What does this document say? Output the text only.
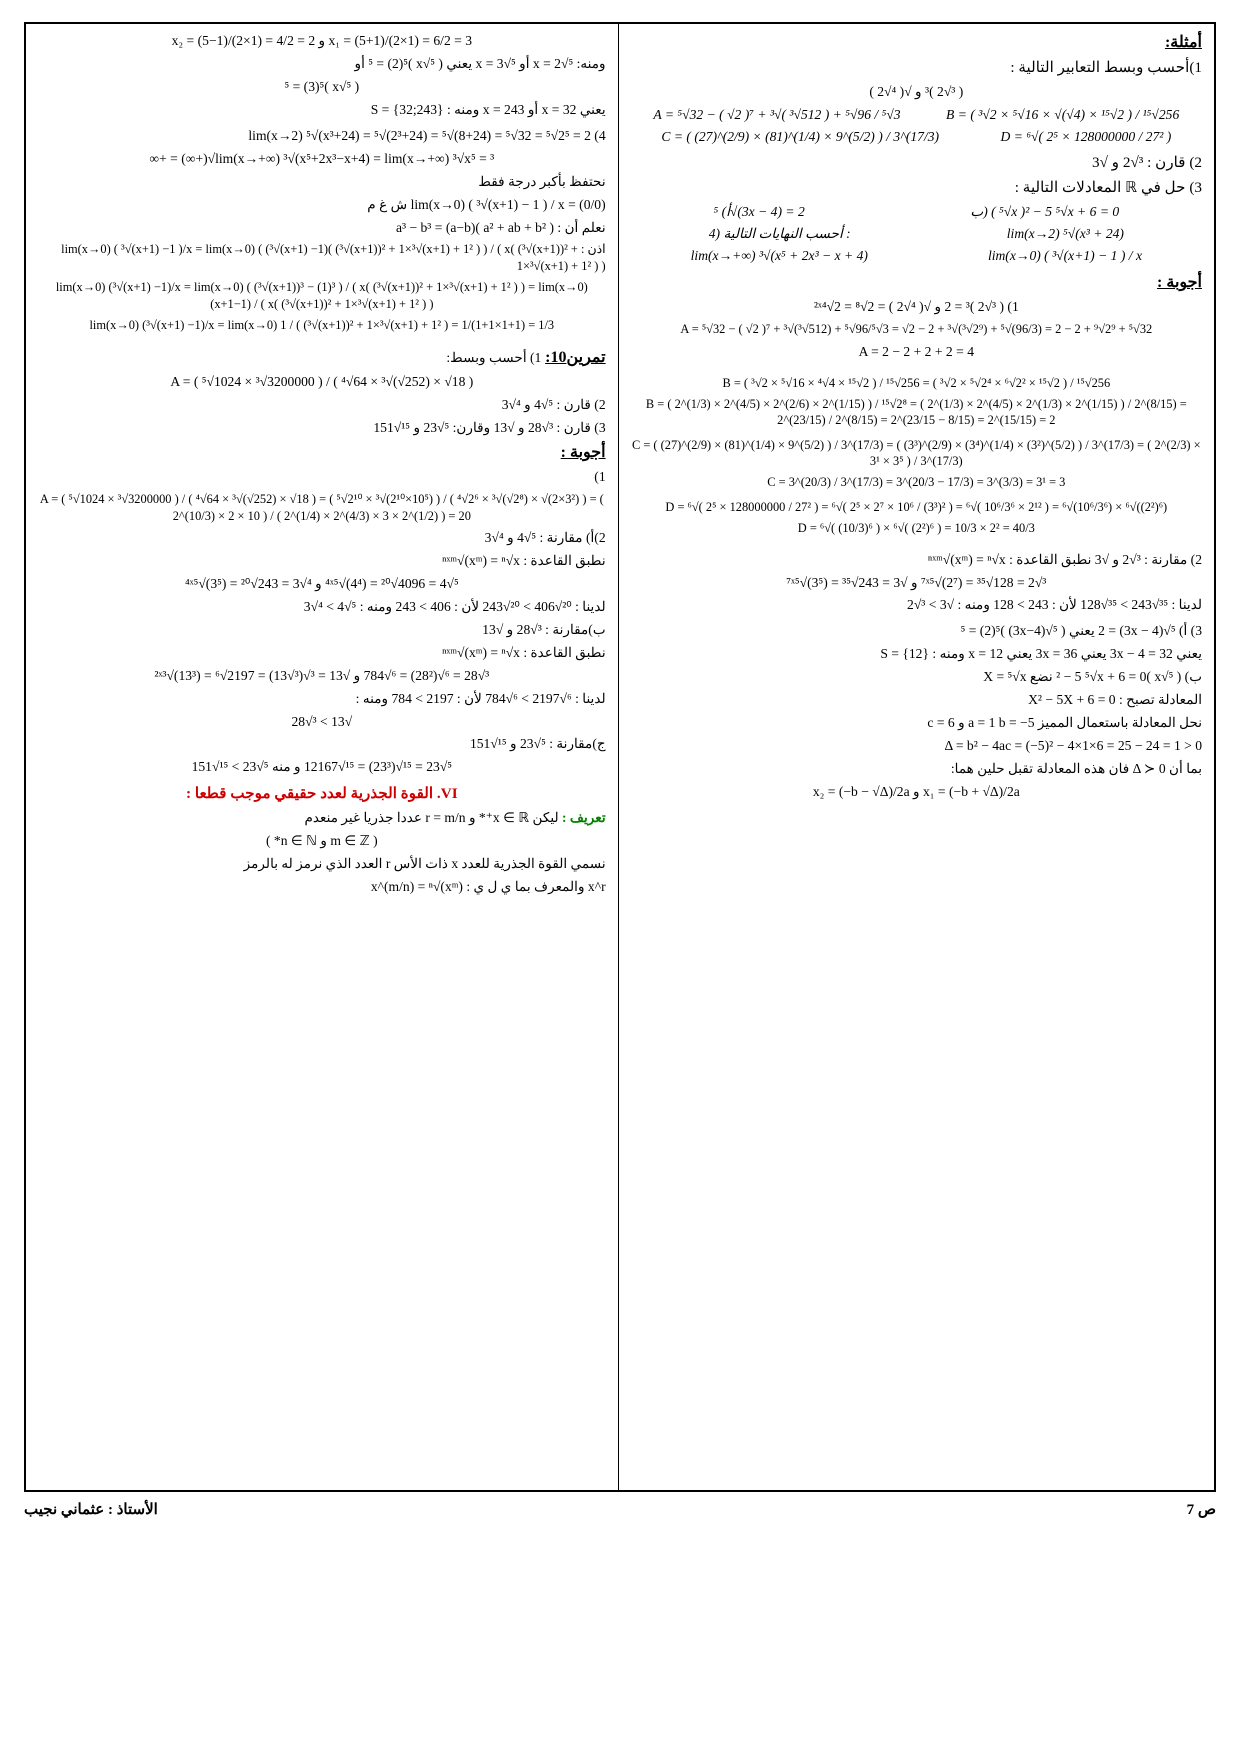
أمثلة:
1)أحسب وبسط التعابير التالية :
( ³√2 )³ و √( ⁴√2 )
B = ( ³√2 × ⁵√16 × √(√4) × ¹⁵√2 ) / ¹⁵√256
A = ⁵√32 − ( √2 )⁷ + ³√( ³√512 ) + ⁵√96 / ⁵√3
D = ⁶√( 2⁵ × 128000000 / 27² )
C = ( (27)^(2/9) × (81)^(1/4) × 9^(5/2) ) / 3^(17/3)
2) قارن : ³√2 و √3
3) حل في ℝ المعادلات التالية :
ب) ( ⁵√x )² − 5 ⁵√x + 6 = 0
أ) ⁵√(3x − 4) = 2
lim(x→2) ⁵√(x³ + 24)
4) أحسب النهايات التالية :
lim(x→0) ( ³√(x+1) − 1 ) / x
lim(x→+∞) ³√(x⁵ + 2x³ − x + 4)
أجوبة :
1) ( ³√2 )³ = 2 و √( ⁴√2 ) = ²ˣ⁴√2 = ⁸√2
A = ⁵√32 − ( √2 )⁷ + ³√(³√512) + ⁵√96/⁵√3 = √2 − 2 + ³√(³√2⁹) + ⁵√(96/3) = 2 − 2 + ⁹√2⁹ + ⁵√32
A = 2 − 2 + 2 + 2 = 4
B = ( ³√2 × ⁵√16 × ⁴√4 × ¹⁵√2 ) / ¹⁵√256 = ( ³√2 × ⁵√2⁴ × ⁶√2² × ¹⁵√2 ) / ¹⁵√256
B = ( 2^(1/3) × 2^(4/5) × 2^(2/6) × 2^(1/15) ) / ¹⁵√2⁸ = ( 2^(1/3) × 2^(4/5) × 2^(1/3) × 2^(1/15) ) / 2^(8/15) = 2^(23/15) / 2^(8/15) = 2^(23/15 − 8/15) = 2^(15/15) = 2
C = ( (27)^(2/9) × (81)^(1/4) × 9^(5/2) ) / 3^(17/3) = ( (3³)^(2/9) × (3⁴)^(1/4) × (3²)^(5/2) ) / 3^(17/3) = ( 2^(2/3) × 3¹ × 3⁵ ) / 3^(17/3)
C = 3^(20/3) / 3^(17/3) = 3^(20/3 − 17/3) = 3^(3/3) = 3¹ = 3
D = ⁶√( 2⁵ × 128000000 / 27² ) = ⁶√( 2⁵ × 2⁷ × 10⁶ / (3³)² ) = ⁶√( 10⁶/3⁶ × 2¹² ) = ⁶√(10⁶/3⁶) × ⁶√((2²)⁶)
D = ⁶√( (10/3)⁶ ) × ⁶√( (2²)⁶ ) = 10/3 × 2² = 40/3
2) مقارنة : ³√2 و √3 نطبق القاعدة : ⁿˣᵐ√(xᵐ) = ⁿ√x
³√2 = ⁷ˣ⁵√(2⁷) = ³⁵√128 و √3 = ⁷ˣ⁵√(3⁵) = ³⁵√243
لدينا : ³⁵√243 > ³⁵√128 لأن : 243 > 128 ومنه : √3 > ³√2
3) أ) ⁵√(3x − 4) = 2 يعني ( ⁵√(3x−4) )⁵ = (2)⁵
يعني 3x − 4 = 32 يعني 3x = 36 يعني x = 12 ومنه : S = {12}
ب) ( ⁵√x )² − 5 ⁵√x + 6 = 0 نضع X = ⁵√x
المعادلة تصبح : X² − 5X + 6 = 0
نحل المعادلة باستعمال المميز a = 1 b = −5 و c = 6
Δ = b² − 4ac = (−5)² − 4×1×6 = 25 − 24 = 1 > 0
بما أن Δ ≻ 0 فان هذه المعادلة تقبل حلين هما:
x₁ = (−b + √Δ)/2a و x₂ = (−b − √Δ)/2a
x₁ = (5+1)/(2×1) = 6/2 = 3 و x₂ = (5−1)/(2×1) = 4/2 = 2
ومنه: ⁵√x = 2 أو ⁵√x = 3 يعني ( ⁵√x )⁵ = (2)⁵ أو
( ⁵√x )⁵ = (3)⁵
يعني x = 32 أو x = 243 ومنه : S = {32;243}
4) lim(x→2) ⁵√(x³+24) = ⁵√(2³+24) = ⁵√(8+24) = ⁵√32 = ⁵√2⁵ = 2
lim(x→+∞) ³√(x⁵+2x³−x+4) = lim(x→+∞) ³√x⁵ = ³√(+∞) = +∞
نحتفظ بأكبر درجة فقط
lim(x→0) ( ³√(x+1) − 1 ) / x = (0/0) ش غ م
نعلم أن : a³ − b³ = (a−b)( a² + ab + b² )
اذن : lim(x→0) ( ³√(x+1) −1 )/x = lim(x→0) ( (³√(x+1) −1)( (³√(x+1))² + 1×³√(x+1) + 1² ) ) / ( x( (³√(x+1))² + 1×³√(x+1) + 1² ) )
lim(x→0) (³√(x+1) −1)/x = lim(x→0) ( (³√(x+1))³ − (1)³ ) / ( x( (³√(x+1))² + 1×³√(x+1) + 1² ) ) = lim(x→0) (x+1−1) / ( x( (³√(x+1))² + 1×³√(x+1) + 1² ) )
lim(x→0) (³√(x+1) −1)/x = lim(x→0) 1 / ( (³√(x+1))² + 1×³√(x+1) + 1² ) = 1/(1+1×1+1) = 1/3
تمرين10: 1) أحسب وبسط:
A = ( ⁵√1024 × ³√3200000 ) / ( ⁴√64 × ³√(√252) × √18 )
2) قارن : ⁵√4 و ⁴√3
3) قارن : ³√28 و √13 وقارن: ⁵√23 و ¹⁵√151
أجوبة :
1)
A = ( ⁵√1024 × ³√3200000 ) / ( ⁴√64 × ³√(√252) × √18 ) = ( ⁵√2¹⁰ × ³√(2¹⁰×10⁵) ) / ( ⁴√2⁶ × ³√(√2⁸) × √(2×3²) ) = ( 2^(10/3) × 2 × 10 ) / ( 2^(1/4) × 2^(4/3) × 3 × 2^(1/2) ) = 20
2)أ) مقارنة : ⁵√4 و ⁴√3
نطبق القاعدة : ⁿˣᵐ√(xᵐ) = ⁿ√x
⁵√4 = ⁴ˣ⁵√(4⁴) = ²⁰√4096 و ⁴√3 = ⁴ˣ⁵√(3⁵) = ²⁰√243
لدينا : ²⁰√406 > ²⁰√243 لأن : 406 > 243 ومنه : ⁵√4 > ⁴√3
ب)مقارنة : ³√28 و √13
نطبق القاعدة : ⁿˣᵐ√(xᵐ) = ⁿ√x
³√28 = ⁶√(28²) = ⁶√784 و √13 = ³√(³√13) = ²ˣ³√(13³) = ⁶√2197
لدينا : ⁶√2197 > ⁶√784 لأن : 2197 > 784 ومنه :
√13 > ³√28
ج)مقارنة : ⁵√23 و ¹⁵√151
⁵√23 = ¹⁵√(23³) = ¹⁵√12167 و منه ⁵√23 > ¹⁵√151
VI. القوة الجذرية لعدد حقيقي موجب قطعا :
تعريف : ليكن x ∈ ℝ⁺* و r = m/n عددا جذريا غير منعدم
( m ∈ ℤ و n ∈ ℕ* )
نسمي القوة الجذرية للعدد x ذات الأس r العدد الذي نرمز له بالرمز
x^r والمعرف بما ي ل ي : x^(m/n) = ⁿ√(xᵐ)
ص 7
الأستاذ : عثماني نجيب
